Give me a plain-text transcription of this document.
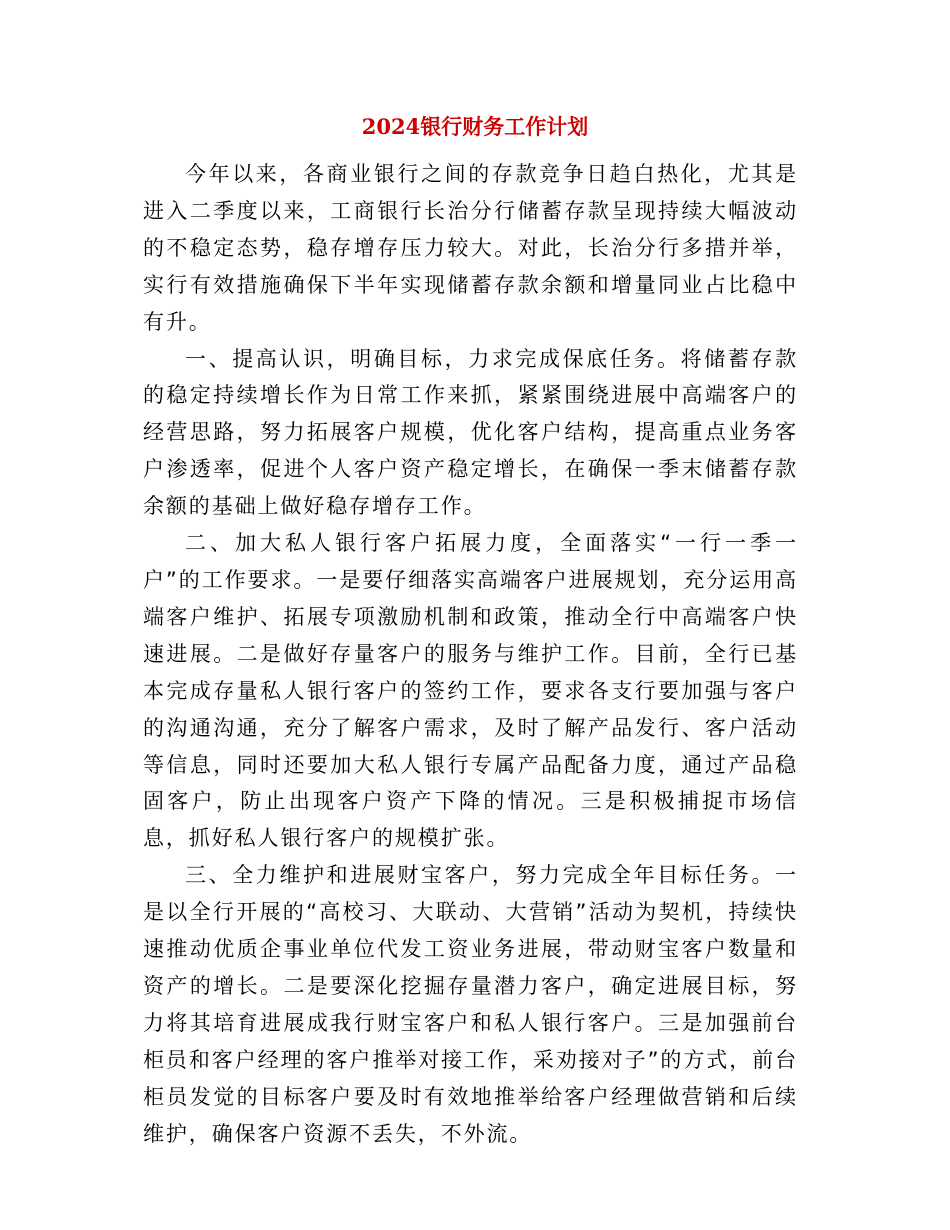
2024银行财务工作计划

今年以来，各商业银行之间的存款竞争日趋白热化，尤其是进入二季度以来，工商银行长治分行储蓄存款呈现持续大幅波动的不稳定态势，稳存增存压力较大。对此，长治分行多措并举，实行有效措施确保下半年实现储蓄存款余额和增量同业占比稳中有升。

一、提高认识，明确目标，力求完成保底任务。将储蓄存款的稳定持续增长作为日常工作来抓，紧紧围绕进展中高端客户的经营思路，努力拓展客户规模，优化客户结构，提高重点业务客户渗透率，促进个人客户资产稳定增长，在确保一季末储蓄存款余额的基础上做好稳存增存工作。

二、加大私人银行客户拓展力度，全面落实“一行一季一户”的工作要求。一是要仔细落实高端客户进展规划，充分运用高端客户维护、拓展专项激励机制和政策，推动全行中高端客户快速进展。二是做好存量客户的服务与维护工作。目前，全行已基本完成存量私人银行客户的签约工作，要求各支行要加强与客户的沟通沟通，充分了解客户需求，及时了解产品发行、客户活动等信息，同时还要加大私人银行专属产品配备力度，通过产品稳固客户，防止出现客户资产下降的情况。三是积极捕捉市场信息，抓好私人银行客户的规模扩张。

三、全力维护和进展财宝客户，努力完成全年目标任务。一是以全行开展的“高校习、大联动、大营销”活动为契机，持续快速推动优质企事业单位代发工资业务进展，带动财宝客户数量和资产的增长。二是要深化挖掘存量潜力客户，确定进展目标，努力将其培育进展成我行财宝客户和私人银行客户。三是加强前台柜员和客户经理的客户推举对接工作，采劝接对子”的方式，前台柜员发觉的目标客户要及时有效地推举给客户经理做营销和后续维护，确保客户资源不丢失，不外流。
